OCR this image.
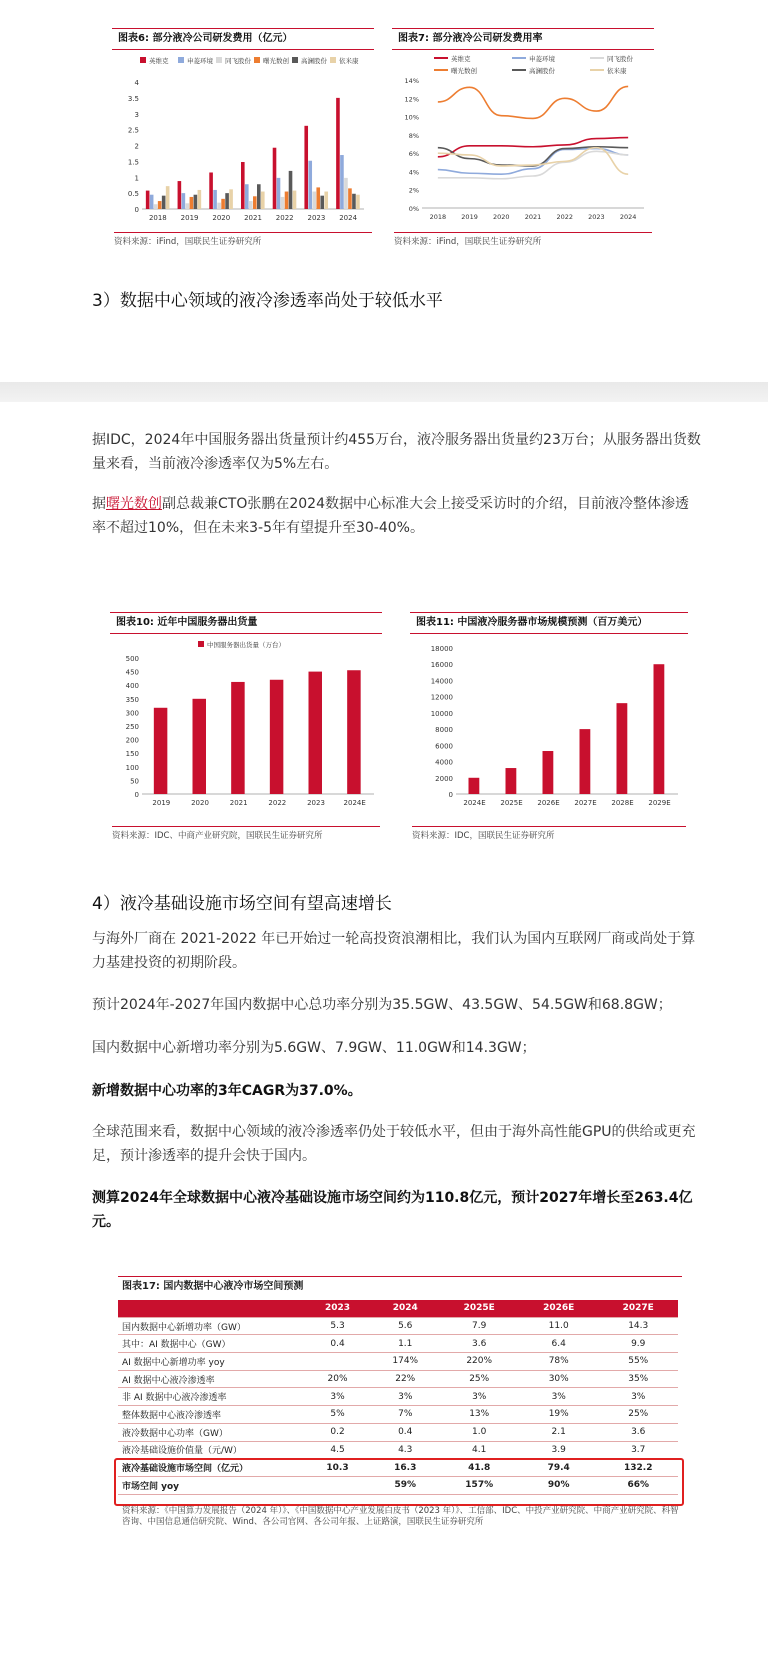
图表6: 部分液冷公司研发费用（亿元）
英维克	申菱环境 同飞股份 曙光数创 高澜股份 依米康
0
0.5
1
1.5
2
2.5
3
3.5
4
2018 2019 2020 2021 2022 2023 2024
资料来源：iFind，国联民生证券研究所
图表7: 部分液冷公司研发费用率
英维克	申菱环境	同飞股份
曙光数创	高澜股份	依米康
0%
2%
4%
6%
8%
10%
12%
14%
2018 2019 2020 2021 2022 2023 2024
资料来源：iFind，国联民生证券研究所
3）数据中心领域的液冷渗透率尚处于较低水平
据IDC，2024年中国服务器出货量预计约455万台，液冷服务器出货量约23万台；从服务器出货数量来看，当前液冷渗透率仅为5%左右。
据曙光数创副总裁兼CTO张鹏在2024数据中心标准大会上接受采访时的介绍，目前液冷整体渗透率不超过10%，但在未来3-5年有望提升至30-40%。
图表10: 近年中国服务器出货量
中国服务器出货量（万台）
0
50
100
150
200
250
300
350
400
450
500
2019	2020	2021	2022	2023	2024E
资料来源：IDC、中商产业研究院，国联民生证券研究所
图表11: 中国液冷服务器市场规模预测（百万美元）
0
2000
4000
6000
8000
10000
12000
14000
16000
18000
2024E 2025E 2026E 2027E 2028E 2029E
资料来源：IDC，国联民生证券研究所
4）液冷基础设施市场空间有望高速增长
与海外厂商在 2021-2022 年已开始过一轮高投资浪潮相比，我们认为国内互联网厂商或尚处于算力基建投资的初期阶段。
预计2024年-2027年国内数据中心总功率分别为35.5GW、43.5GW、54.5GW和68.8GW；
国内数据中心新增功率分别为5.6GW、7.9GW、11.0GW和14.3GW；
新增数据中心功率的3年CAGR为37.0%。
全球范围来看，数据中心领域的液冷渗透率仍处于较低水平，但由于海外高性能GPU的供给或更充足，预计渗透率的提升会快于国内。
测算2024年全球数据中心液冷基础设施市场空间约为110.8亿元，预计2027年增长至263.4亿元。
图表17: 国内数据中心液冷市场空间预测
	2023	2024	2025E	2026E	2027E
国内数据中心新增功率（GW）	5.3	5.6	7.9	11.0	14.3
其中：AI 数据中心（GW）	0.4	1.1	3.6	6.4	9.9
AI 数据中心新增功率 yoy		174%	220%	78%	55%
AI 数据中心液冷渗透率	20%	22%	25%	30%	35%
非 AI 数据中心液冷渗透率	3%	3%	3%	3%	3%
整体数据中心液冷渗透率	5%	7%	13%	19%	25%
液冷数据中心功率（GW）	0.2	0.4	1.0	2.1	3.6
液冷基础设施价值量（元/W）	4.5	4.3	4.1	3.9	3.7
液冷基础设施市场空间（亿元）	10.3	16.3	41.8	79.4	132.2
市场空间 yoy		59%	157%	90%	66%
资料来源：《中国算力发展报告（2024 年）》、《中国数据中心产业发展白皮书（2023 年）》、工信部、IDC、中投产业研究院、中商产业研究院、科智咨询、中国信息通信研究院、Wind、各公司官网、各公司年报、上证路演，国联民生证券研究所
